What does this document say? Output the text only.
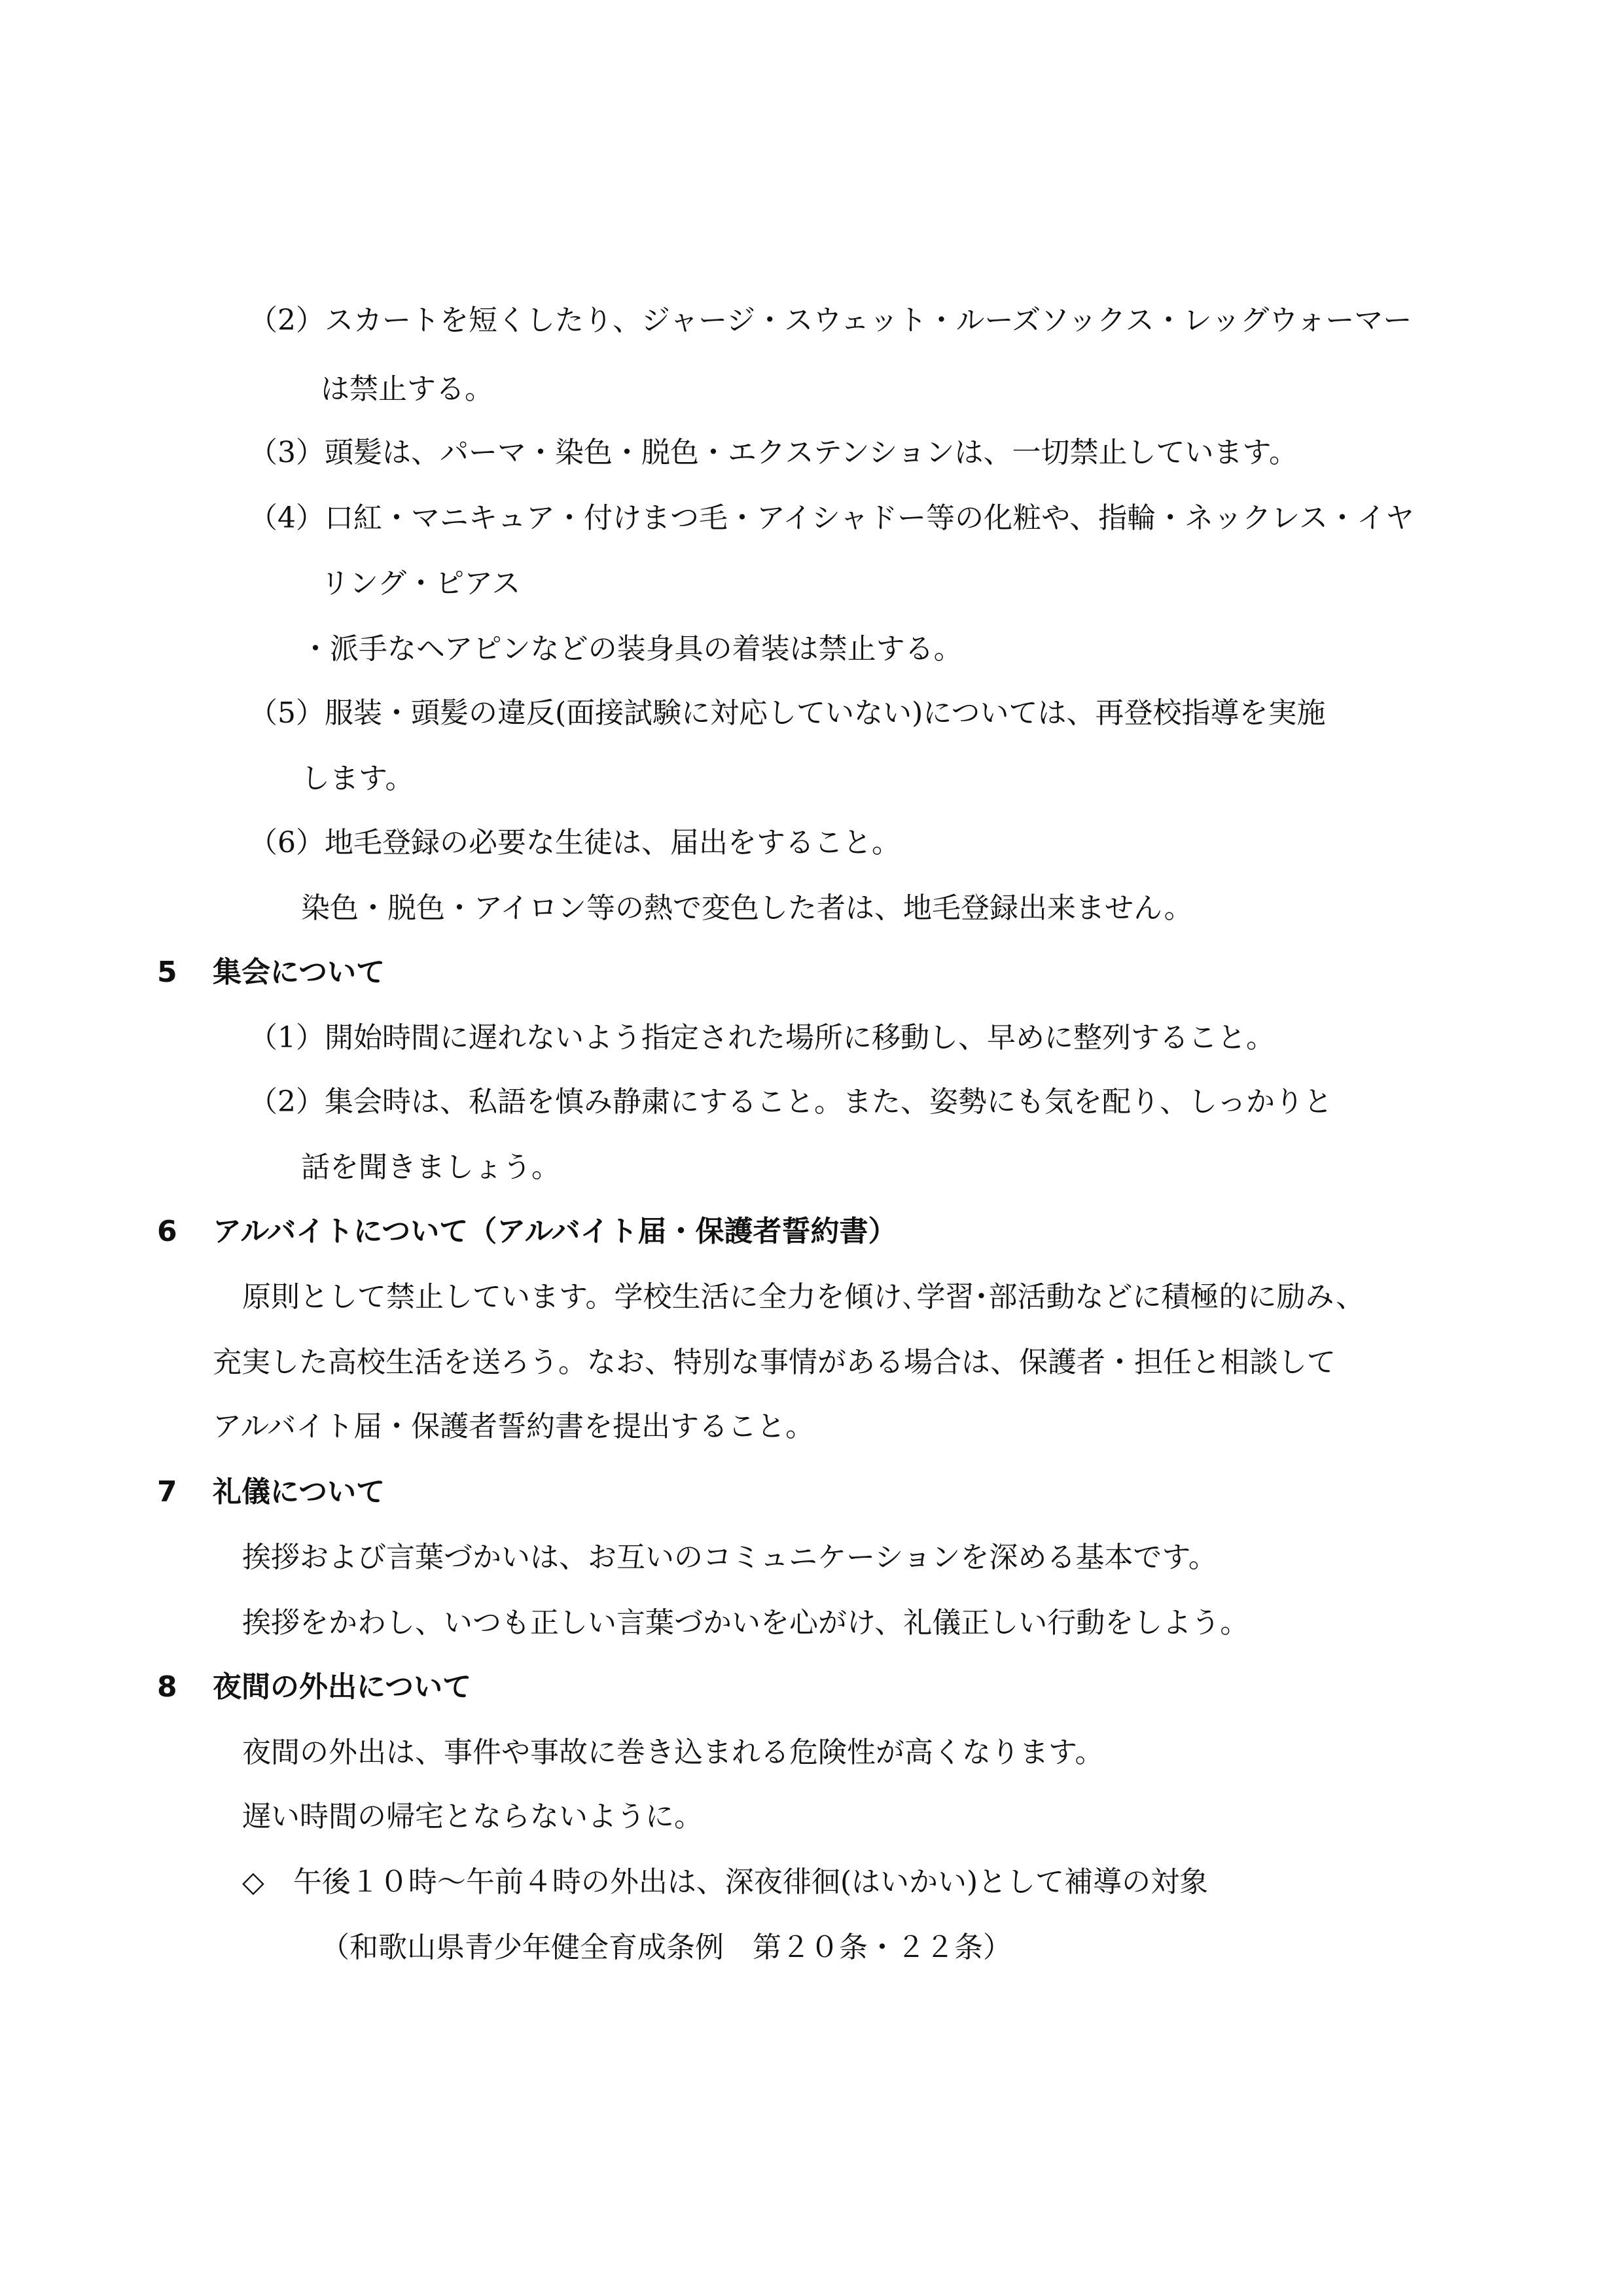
（2）スカートを短くしたり、ジャージ・スウェット・ルーズソックス・レッグウォーマー
は禁止する。
（3）頭髪は、パーマ・染色・脱色・エクステンションは、一切禁止しています。
（4）口紅・マニキュア・付けまつ毛・アイシャドー等の化粧や、指輪・ネックレス・イヤ
リング・ピアス
・派手なヘアピンなどの装身具の着装は禁止する。
（5）服装・頭髪の違反(面接試験に対応していない)については、再登校指導を実施
します。
（6）地毛登録の必要な生徒は、届出をすること。
染色・脱色・アイロン等の熱で変色した者は、地毛登録出来ません。
5 集会について
（1）開始時間に遅れないよう指定された場所に移動し、早めに整列すること。
（2）集会時は、私語を慎み静粛にすること。また、姿勢にも気を配り、しっかりと
話を聞きましょう。
6 アルバイトについて（アルバイト届・保護者誓約書）
原則として禁止しています。学校生活に全力を傾け､学習･部活動などに積極的に励み、
充実した高校生活を送ろう。なお、特別な事情がある場合は、保護者・担任と相談して
アルバイト届・保護者誓約書を提出すること。
7 礼儀について
挨拶および言葉づかいは、お互いのコミュニケーションを深める基本です。
挨拶をかわし、いつも正しい言葉づかいを心がけ、礼儀正しい行動をしよう。
8 夜間の外出について
夜間の外出は、事件や事故に巻き込まれる危険性が高くなります。
遅い時間の帰宅とならないように。
◇　午後１０時～午前４時の外出は、深夜徘徊(はいかい)として補導の対象
（和歌山県青少年健全育成条例　第２０条・２２条）
